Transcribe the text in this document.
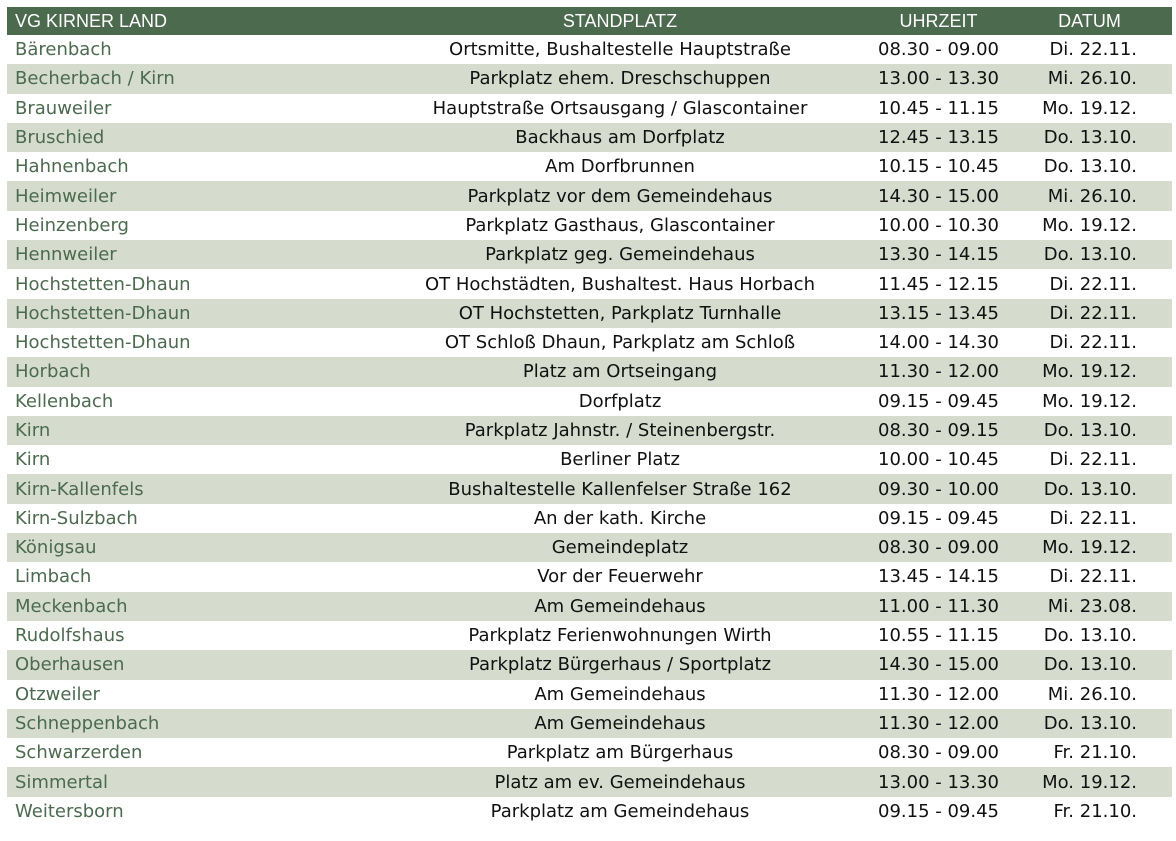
VG KIRNER LAND	STANDPLATZ	UHRZEIT	DATUM
Bärenbach	Ortsmitte, Bushaltestelle Hauptstraße	08.30 - 09.00	Di. 22.11.
Becherbach / Kirn	Parkplatz ehem. Dreschschuppen	13.00 - 13.30	Mi. 26.10.
Brauweiler	Hauptstraße Ortsausgang / Glascontainer	10.45 - 11.15	Mo. 19.12.
Bruschied	Backhaus am Dorfplatz	12.45 - 13.15	Do. 13.10.
Hahnenbach	Am Dorfbrunnen	10.15 - 10.45	Do. 13.10.
Heimweiler	Parkplatz vor dem Gemeindehaus	14.30 - 15.00	Mi. 26.10.
Heinzenberg	Parkplatz Gasthaus, Glascontainer	10.00 - 10.30	Mo. 19.12.
Hennweiler	Parkplatz geg. Gemeindehaus	13.30 - 14.15	Do. 13.10.
Hochstetten-Dhaun	OT Hochstädten, Bushaltest. Haus Horbach	11.45 - 12.15	Di. 22.11.
Hochstetten-Dhaun	OT Hochstetten, Parkplatz Turnhalle	13.15 - 13.45	Di. 22.11.
Hochstetten-Dhaun	OT Schloß Dhaun, Parkplatz am Schloß	14.00 - 14.30	Di. 22.11.
Horbach	Platz am Ortseingang	11.30 - 12.00	Mo. 19.12.
Kellenbach	Dorfplatz	09.15 - 09.45	Mo. 19.12.
Kirn	Parkplatz Jahnstr. / Steinenbergstr.	08.30 - 09.15	Do. 13.10.
Kirn	Berliner Platz	10.00 - 10.45	Di. 22.11.
Kirn-Kallenfels	Bushaltestelle Kallenfelser Straße 162	09.30 - 10.00	Do. 13.10.
Kirn-Sulzbach	An der kath. Kirche	09.15 - 09.45	Di. 22.11.
Königsau	Gemeindeplatz	08.30 - 09.00	Mo. 19.12.
Limbach	Vor der Feuerwehr	13.45 - 14.15	Di. 22.11.
Meckenbach	Am Gemeindehaus	11.00 - 11.30	Mi. 23.08.
Rudolfshaus	Parkplatz Ferienwohnungen Wirth	10.55 - 11.15	Do. 13.10.
Oberhausen	Parkplatz Bürgerhaus / Sportplatz	14.30 - 15.00	Do. 13.10.
Otzweiler	Am Gemeindehaus	11.30 - 12.00	Mi. 26.10.
Schneppenbach	Am Gemeindehaus	11.30 - 12.00	Do. 13.10.
Schwarzerden	Parkplatz am Bürgerhaus	08.30 - 09.00	Fr. 21.10.
Simmertal	Platz am ev. Gemeindehaus	13.00 - 13.30	Mo. 19.12.
Weitersborn	Parkplatz am Gemeindehaus	09.15 - 09.45	Fr. 21.10.
